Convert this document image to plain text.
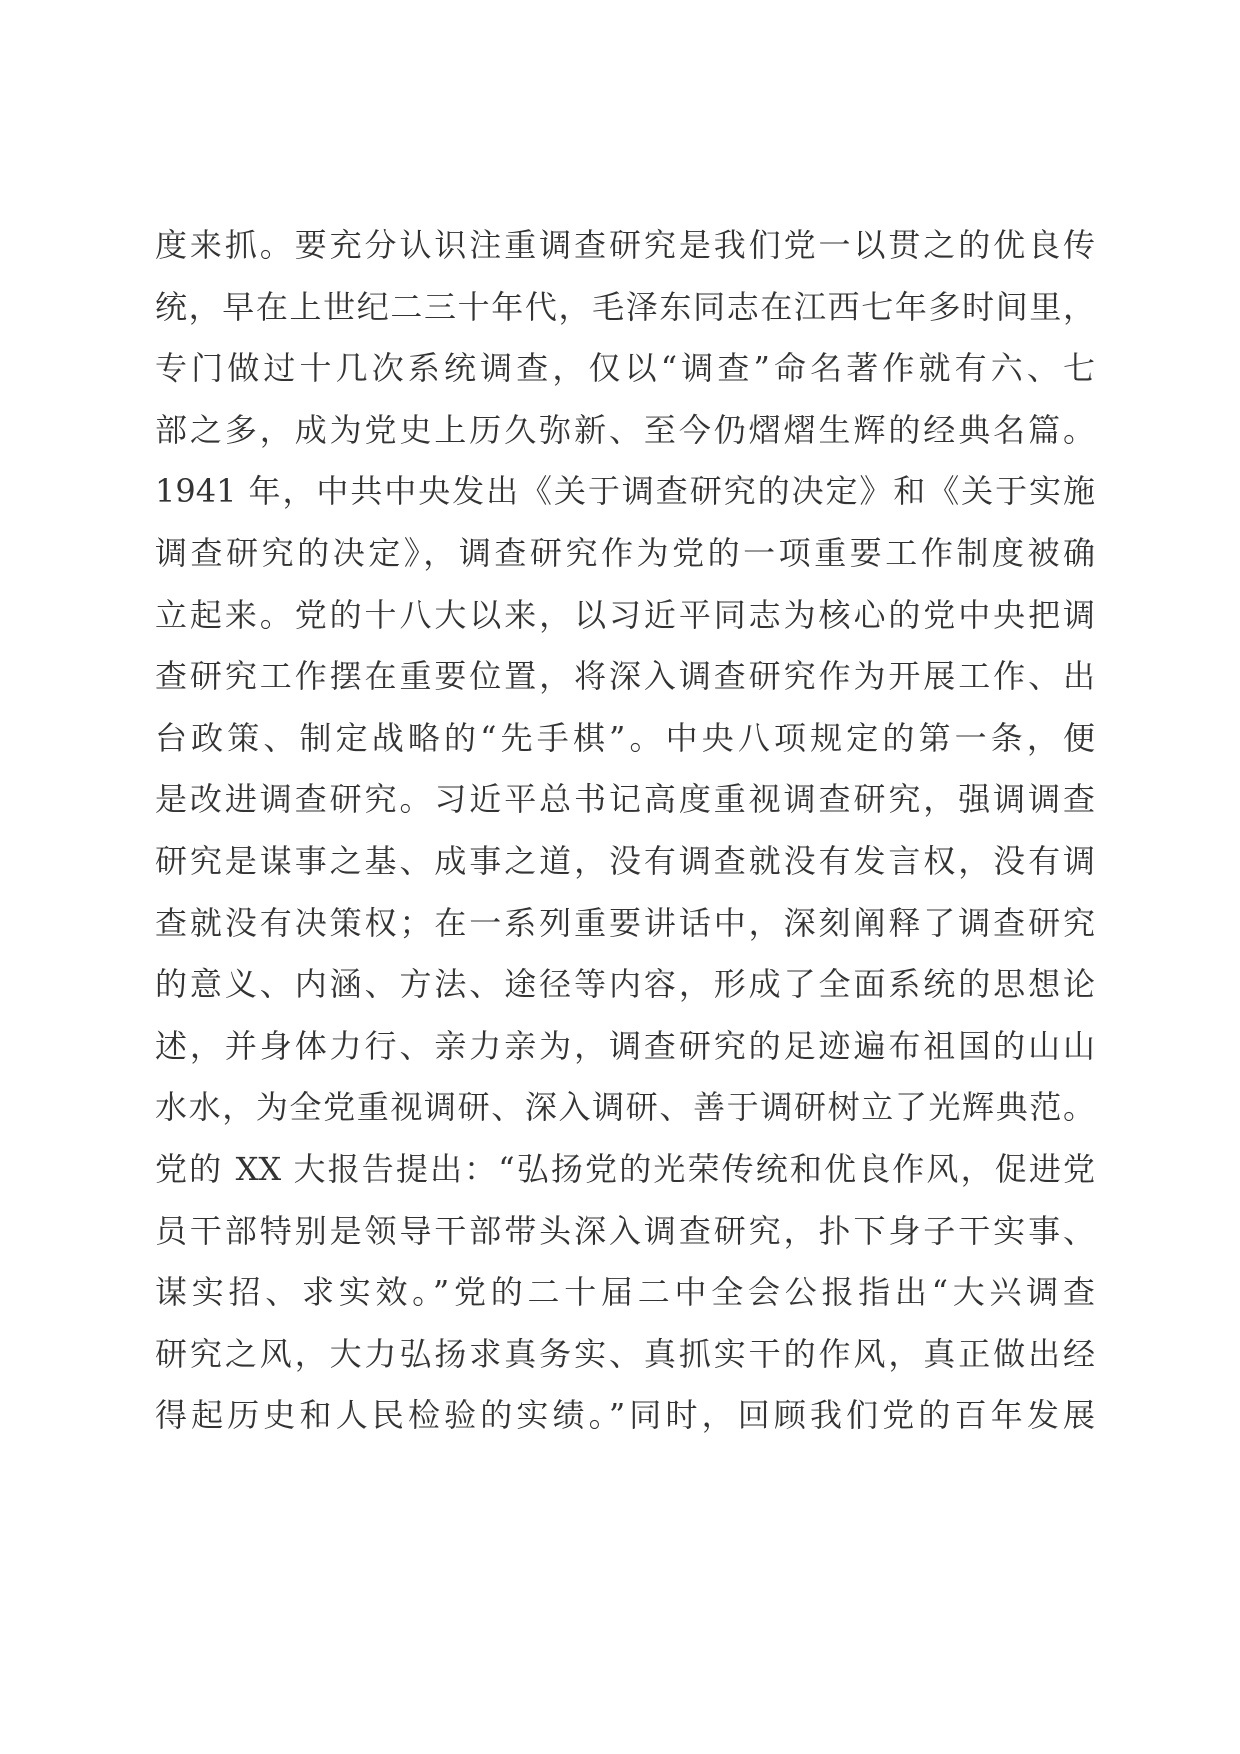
度来抓。要充分认识注重调查研究是我们党一以贯之的优良传
统，早在上世纪二三十年代，毛泽东同志在江西七年多时间里，
专门做过十几次系统调查，仅以“调查”命名著作就有六、七
部之多，成为党史上历久弥新、至今仍熠熠生辉的经典名篇。
1941 年，中共中央发出《关于调查研究的决定》和《关于实施
调查研究的决定》，调查研究作为党的一项重要工作制度被确
立起来。党的十八大以来，以习近平同志为核心的党中央把调
查研究工作摆在重要位置，将深入调查研究作为开展工作、出
台政策、制定战略的“先手棋”。中央八项规定的第一条，便
是改进调查研究。习近平总书记高度重视调查研究，强调调查
研究是谋事之基、成事之道，没有调查就没有发言权，没有调
查就没有决策权；在一系列重要讲话中，深刻阐释了调查研究
的意义、内涵、方法、途径等内容，形成了全面系统的思想论
述，并身体力行、亲力亲为，调查研究的足迹遍布祖国的山山
水水，为全党重视调研、深入调研、善于调研树立了光辉典范。
党的 XX 大报告提出：“弘扬党的光荣传统和优良作风，促进党
员干部特别是领导干部带头深入调查研究，扑下身子干实事、
谋实招、求实效。”党的二十届二中全会公报指出“大兴调查
研究之风，大力弘扬求真务实、真抓实干的作风，真正做出经
得起历史和人民检验的实绩。”同时，回顾我们党的百年发展
